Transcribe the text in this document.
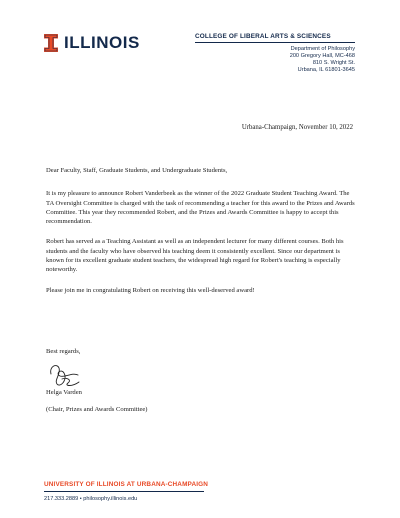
ILLINOIS	COLLEGE OF LIBERAL ARTS & SCIENCES
Department of Philosophy
200 Gregory Hall, MC-468
810 S. Wright St.
Urbana, IL 61801-3645
Urbana-Champaign, November 10, 2022

Dear Faculty, Staff, Graduate Students, and Undergraduate Students,

It is my pleasure to announce Robert Vanderbeek as the winner of the 2022 Graduate Student Teaching Award. The TA Oversight Committee is charged with the task of recommending a teacher for this award to the Prizes and Awards Committee. This year they recommended Robert, and the Prizes and Awards Committee is happy to accept this recommendation.

Robert has served as a Teaching Assistant as well as an independent lecturer for many different courses. Both his students and the faculty who have observed his teaching deem it consistently excellent. Since our department is known for its excellent graduate student teachers, the widespread high regard for Robert's teaching is especially noteworthy.

Please join me in congratulating Robert on receiving this well-deserved award!

Best regards,
Helga Varden
(Chair, Prizes and Awards Committee)
UNIVERSITY OF ILLINOIS AT URBANA-CHAMPAIGN
217.333.2889 • philosophy.illinois.edu
